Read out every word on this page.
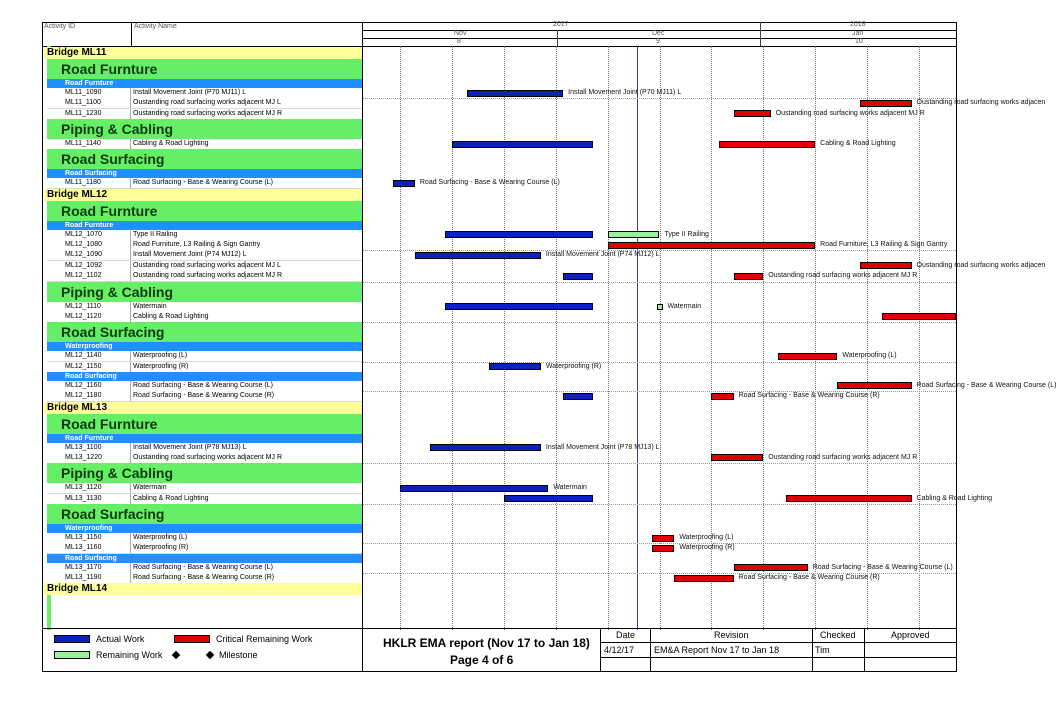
Activity ID	Activity Name	2017	2018
Nov	Dec	Jan
8	9	10
Bridge ML11
Road Furnture
Road Furnture
ML11_1090	Install Movement Joint (P70 MJ11) L
ML11_1100	Oustanding road surfacing works adjacent MJ L
ML11_1230	Oustanding road surfacing works adjacent MJ R
Piping & Cabling
ML11_1140	Cabling & Road Lighting
Road Surfacing
Road Surfacing
ML11_1180	Road Surfacing - Base & Wearing Course (L)
Bridge ML12
Road Furnture
Road Furnture
ML12_1070	Type II Railing
ML12_1080	Road Furniture, L3 Railing & Sign Gantry
ML12_1090	Install Movement Joint (P74 MJ12) L
ML12_1092	Oustanding road surfacing works adjacent MJ L
ML12_1102	Oustanding road surfacing works adjacent MJ R
Piping & Cabling
ML12_1110	Watermain
ML12_1120	Cabling & Road Lighting
Road Surfacing
Waterproofing
ML12_1140	Waterproofing (L)
ML12_1150	Waterproofing (R)
Road Surfacing
ML12_1160	Road Surfacing - Base & Wearing Course (L)
ML12_1180	Road Surfacing - Base & Wearing Course (R)
Bridge ML13
Road Furnture
Road Furnture
ML13_1100	Install Movement Joint (P78 MJ13) L
ML13_1220	Oustanding road surfacing works adjacent MJ R
Piping & Cabling
ML13_1120	Watermain
ML13_1130	Cabling & Road Lighting
Road Surfacing
Waterproofing
ML13_1150	Waterproofing (L)
ML13_1160	Waterproofing (R)
Road Surfacing
ML13_1170	Road Surfacing - Base & Wearing Course (L)
ML13_1190	Road Surfacing - Base & Wearing Course (R)
Bridge ML14
Install Movement Joint (P70 MJ11) L
Oustanding road surfacing works adjacen
Oustanding road surfacing works adjacent MJ R
Cabling & Road Lighting
Road Surfacing - Base & Wearing Course (L)
Type II Railing
Road Furniture, L3 Railing & Sign Gantry
Install Movement Joint (P74 MJ12) L
Oustanding road surfacing works adjacen
Oustanding road surfacing works adjacent MJ R
Watermain
Waterproofing (L)
Waterproofing (R)
Road Surfacing - Base & Wearing Course (L)
Road Surfacing - Base & Wearing Course (R)
Install Movement Joint (P78 MJ13) L
Oustanding road surfacing works adjacent MJ R
Watermain
Cabling & Road Lighting
Waterproofing (L)
Waterproofing (R)
Road Surfacing - Base & Wearing Course (L)
Road Surfacing - Base & Wearing Course (R)
Actual Work	Critical Remaining Work
Remaining Work	Milestone
HKLR EMA report (Nov 17 to Jan 18)
Page 4 of 6
Date	Revision	Checked	Approved
4/12/17 EM&A Report Nov 17 to Jan 18	Tim
